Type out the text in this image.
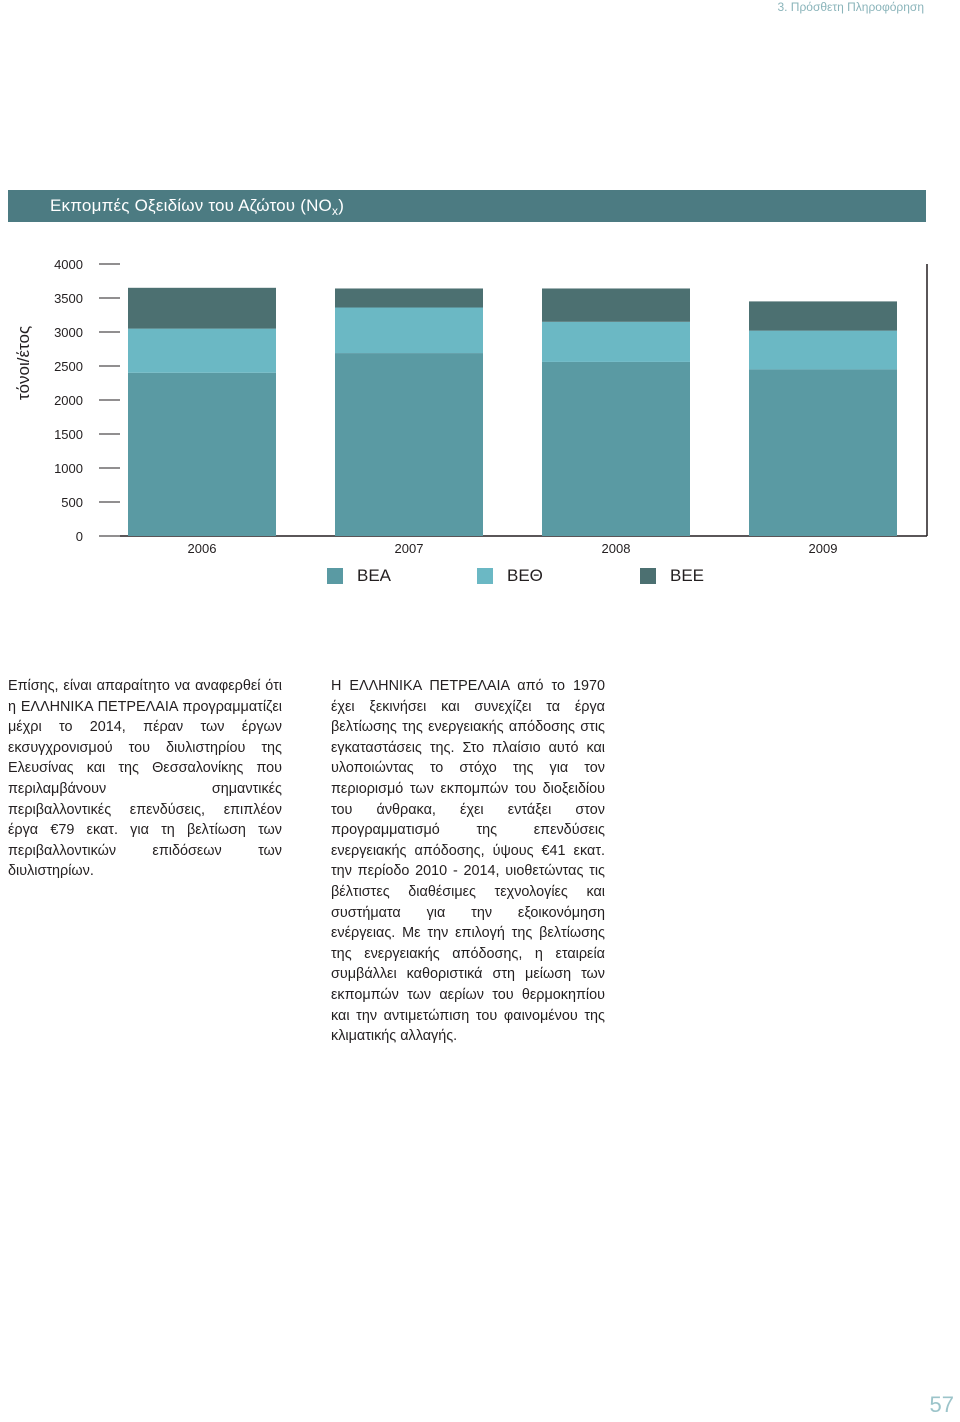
3. Πρόσθετη Πληροφόρηση
Εκπομπές Οξειδίων του Αζώτου $(NO_x)$
τόνοι/έτος
0
500
1000
1500
2000
2500
3000
3500
4000
2006	2007	2008	2009
ΒΕΑ	ΒΕΘ	ΒΕΕ
Επίσης, είναι απαραίτητο να αναφερθεί ότι η ΕΛΛΗΝΙΚΑ ΠΕΤΡΕΛΑΙΑ προγραμματίζει μέχρι το 2014, πέραν των έργων εκσυγχρονισμού του διυλιστηρίου της Ελευσίνας και της Θεσσαλονίκης που περιλαμβάνουν σημαντικές περιβαλλοντικές επενδύσεις, επιπλέον έργα €79 εκατ. για τη βελτίωση των περιβαλλοντικών επιδόσεων των διυλιστηρίων.
Η ΕΛΛΗΝΙΚΑ ΠΕΤΡΕΛΑΙΑ από το 1970 έχει ξεκινήσει και συνεχίζει τα έργα βελτίωσης της ενεργειακής απόδοσης στις εγκαταστάσεις της. Στο πλαίσιο αυτό και υλοποιώντας το στόχο της για τον περιορισμό των εκπομπών του διοξειδίου του άνθρακα, έχει εντάξει στον προγραμματισμό της επενδύσεις ενεργειακής απόδοσης, ύψους €41 εκατ. την περίοδο 2010 - 2014, υιοθετώντας τις βέλτιστες διαθέσιμες τεχνολογίες και συστήματα για την εξοικονόμηση ενέργειας. Με την επιλογή της βελτίωσης της ενεργειακής απόδοσης, η εταιρεία συμβάλλει καθοριστικά στη μείωση των εκπομπών των αερίων του θερμοκηπίου και την αντιμετώπιση του φαινομένου της κλιματικής αλλαγής.
57
